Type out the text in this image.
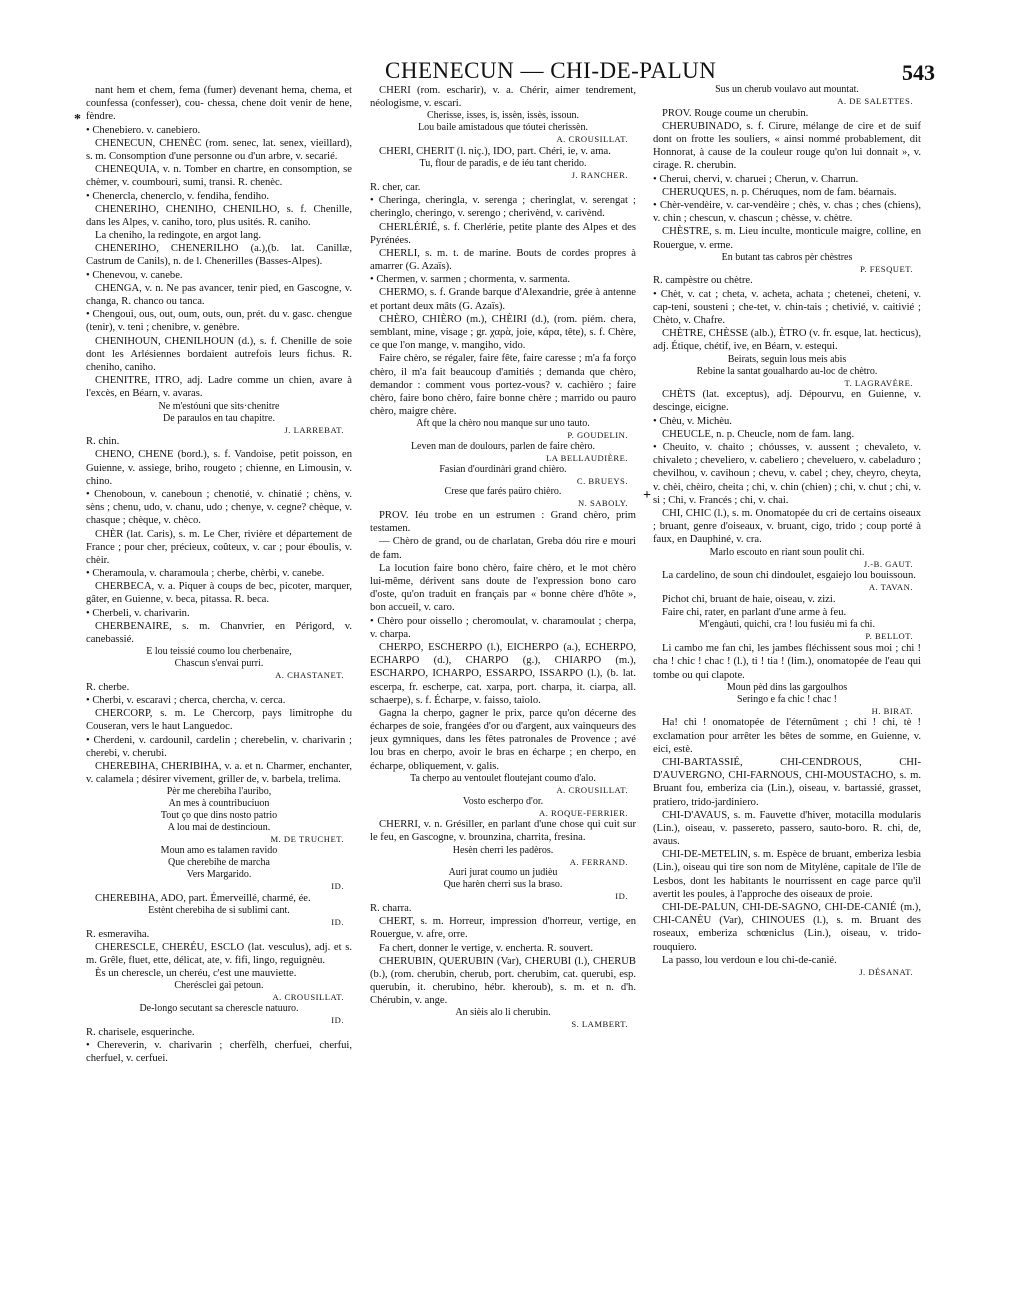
CHENECUN — CHI-DE-PALUN	543
*
+

nant hem et chem, fema (fumer) devenant hema, chema, et counfessa (confesser), cou- chessa, chene doit venir de hene, fèndre.

• Chenebiero. v. canebiero.

CHENECUN, CHENÈC (rom. senec, lat. senex, vieillard), s. m. Consomption d'une personne ou d'un arbre, v. secarié.

CHENEQUIA, v. n. Tomber en chartre, en consomption, se chèmer, v. coumbouri, sumi, transi. R. chenèc.

• Chenercla, chenerclo, v. fendiha, fendiho.

CHENERIHO, CHENIHO, CHENILHO, s. f. Chenille, dans les Alpes, v. caniho, toro, plus usités. R. caniho.

La cheniho, la redingote, en argot lang.

CHENERIHO, CHENERILHO (a.),(b. lat. Canillæ, Castrum de Canils), n. de l. Chenerilles (Basses-Alpes).

• Chenevou, v. canebe.

CHENGA, v. n. Ne pas avancer, tenir pied, en Gascogne, v. changa, R. chanco ou tanca.

• Chengoui, ous, out, oum, outs, oun, prét. du v. gasc. chengue (tenir), v. teni ; chenibre, v. genèbre.

CHENIHOUN, CHENILHOUN (d.), s. f. Chenille de soie dont les Arlésiennes bordaient autrefois leurs fichus. R. cheniho, caniho.

CHENITRE, ITRO, adj. Ladre comme un chien, avare à l'excès, en Béarn, v. avaras.

Ne m'estóuni que sits·chenitre

De paraulos en tau chapitre.

J. LARREBAT.

R. chin.

CHENO, CHENE (bord.), s. f. Vandoise, petit poisson, en Guienne, v. assiege, briho, rougeto ; chienne, en Limousin, v. chino.

• Chenoboun, v. caneboun ; chenotié, v. chinatié ; chèns, v. sèns ; chenu, udo, v. chanu, udo ; chenye, v. cegne? chèque, v. chasque ; chèque, v. chèco.

CHÈR (lat. Caris), s. m. Le Cher, rivière et département de France ; pour cher, précieux, coûteux, v. car ; pour éboulis, v. chèir.

• Cheramoula, v. charamoula ; cherbe, chèrbi, v. canebe.

CHERBECA, v. a. Piquer à coups de bec, picoter, marquer, gâter, en Guienne, v. beca, pitassa. R. beca.

• Cherbeli, v. charivarin.

CHERBENAIRE, s. m. Chanvrier, en Périgord, v. canebassié.

E lou teissié coumo lou cherbenaire,

Chascun s'envai purri.

A. CHASTANET.

R. cherbe.

• Cherbi, v. escaravi ; cherca, chercha, v. cerca.

CHERCORP, s. m. Le Chercorp, pays limitrophe du Couseran, vers le haut Languedoc.

• Cherdeni, v. cardounil, cardelin ; cherebelin, v. charivarin ; cherebi, v. cherubi.

CHEREBIHA, CHERIBIHA, v. a. et n. Charmer, enchanter, v. calamela ; désirer vivement, griller de, v. barbela, trelima.

Pèr me cherebiha l'auribo,

An mes à countribuciuon

Tout ço que dins nosto patrio

A lou mai de destincioun.

M. DE TRUCHET.

Moun amo es talamen ravido

Que cherebihe de marcha

Vers Margarido.

ID.

CHEREBIHA, ADO, part. Émerveillé, charmé, ée.

Estènt cherebiha de si sublimi cant.

ID.

R. esmeraviha.

CHERESCLE, CHERÉU, ESCLO (lat. vesculus), adj. et s. m. Grêle, fluet, ette, délicat, ate, v. fifi, lingo, reguignèu.

Ès un cherescle, un cheréu, c'est une mauviette.

Cherésclei gai petoun.

A. CROUSILLAT.

De-longo secutant sa cherescle natuuro.

ID.

R. charisele, esquerinche.

• Chereverin, v. charivarin ; cherfèlh, cherfuei, cherfui, cherfuel, v. cerfuei.

CHERI (rom. escharir), v. a. Chérir, aimer tendrement, néologisme, v. escari.

Cherisse, isses, is, issèn, issès, issoun.

Lou baile amistadous que tóutei cherissèn.

A. CROUSILLAT.

CHERI, CHERIT (l. niç.), IDO, part. Chéri, ie, v. ama.

Tu, flour de paradis, e de iéu tant cherido.

J. RANCHER.

R. cher, car.

• Cheringa, cheringla, v. serenga ; cheringlat, v. serengat ; cheringlo, cheringo, v. serengo ; cherivènd, v. carivènd.

CHERLÉRIÉ, s. f. Cherlérie, petite plante des Alpes et des Pyrénées.

CHERLI, s. m. t. de marine. Bouts de cordes propres à amarrer (G. Azaïs).

• Chermen, v. sarmen ; chormenta, v. sarmenta.

CHERMO, s. f. Grande barque d'Alexandrie, grée à antenne et portant deux mâts (G. Azaïs).

CHÈRO, CHIÈRO (m.), CHÈIRI (d.), (rom. piém. chera, semblant, mine, visage ; gr. χαρὰ, joie, κάρα, tête), s. f. Chère, ce que l'on mange, v. mangiho, vido.

Faire chèro, se régaler, faire fête, faire caresse ; m'a fa forço chèro, il m'a fait beaucoup d'amitiés ; demanda que chèro, demandor : comment vous portez-vous? v. cachièro ; faire chèro, faire bono chèro, faire bonne chère ; marrido ou pauro chèro, maigre chère.

Aft que la chèro nou manque sur uno tauto.

P. GOUDELIN.

Leven man de doulours, parlen de faire chèro.

LA BELLAUDIÈRE.

Fasian d'ourdinàri grand chièro.

C. BRUEYS.

Crese que farés paüro chièro.

N. SABOLY.

PROV. Iéu trobe en un estrumen : Grand chèro, prim testamen.

— Chèro de grand, ou de charlatan, Greba dóu rire e mouri de fam.

La locution faire bono chèro, faire chèro, et le mot chèro lui-même, dérivent sans doute de l'expression bono caro d'oste, qu'on traduit en français par « bonne chère d'hôte », bon accueil, v. caro.

• Chèro pour oissello ; cheromoulat, v. charamoulat ; cherpa, v. charpa.

CHERPO, ESCHERPO (l.), EICHERPO (a.), ECHERPO, ECHARPO (d.), CHARPO (g.), CHIARPO (m.), ESCHARPO, ICHARPO, ESSARPO, ISSARPO (l.), (b. lat. escerpa, fr. escherpe, cat. xarpa, port. charpa, it. ciarpa, all. schaerpe), s. f. Écharpe, v. faisso, taiolo.

Gagna la cherpo, gagner le prix, parce qu'on décerne des écharpes de soie, frangées d'or ou d'argent, aux vainqueurs des jeux gymniques, dans les fêtes patronales de Provence ; avé lou bras en cherpo, avoir le bras en écharpe ; en cherpo, en écharpe, obliquement, v. galis.

Ta cherpo au ventoulet floutejant coumo d'alo.

A. CROUSILLAT.

Vosto escherpo d'or.

A. ROQUE-FERRIER.

CHERRI, v. n. Grésiller, en parlant d'une chose qui cuit sur le feu, en Gascogne, v. brounzina, charrita, fresina.

Hesèn cherri les padèros.

A. FERRAND.

Auri jurat coumo un judièu

Que harèn cherri sus la braso.

ID.

R. charra.

CHERT, s. m. Horreur, impression d'horreur, vertige, en Rouergue, v. afre, orre.

Fa chert, donner le vertige, v. encherta. R. souvert.

CHERUBIN, QUERUBIN (Var), CHERUBI (l.), CHERUB (b.), (rom. cherubin, cherub, port. cherubim, cat. querubi, esp. querubin, it. cherubino, hébr. kheroub), s. m. et n. d'h. Chérubin, v. ange.

An sièis alo li cherubin.

S. LAMBERT.

Sus un cherub voulavo aut mountat.

A. DE SALETTES.

PROV. Rouge coume un cherubin.

CHERUBINADO, s. f. Cirure, mélange de cire et de suif dont on frotte les souliers, « ainsi nommé probablement, dit Honnorat, à cause de la couleur rouge qu'on lui donnait », v. cirage. R. cherubin.

• Cherui, chervi, v. charuei ; Cherun, v. Charrun.

CHERUQUES, n. p. Chéruques, nom de fam. béarnais.

• Chèr-vendèire, v. car-vendèire ; chès, v. chas ; ches (chiens), v. chin ; chescun, v. chascun ; chèsse, v. chètre.

CHÈSTRE, s. m. Lieu inculte, monticule maigre, colline, en Rouergue, v. erme.

En butant tas cabros pèr chèstres

P. FESQUET.

R. campèstre ou chètre.

• Chèt, v. cat ; cheta, v. acheta, achata ; chetenei, cheteni, v. cap-teni, sousteni ; che-tet, v. chin-tais ; chetivié, v. caitivié ; Chèto, v. Chafre.

CHÈTRE, CHÈSSE (alb.), ÈTRO (v. fr. esque, lat. hecticus), adj. Étique, chétif, ive, en Béarn, v. estequi.

Beirats, seguin lous meis abis

Rebine la santat goualhardo au-loc de chètro.

T. LAGRAVÈRE.

CHÈTS (lat. exceptus), adj. Dépourvu, en Guienne, v. descinge, eicigne.

• Chèu, v. Michèu.

CHEUCLE, n. p. Cheucle, nom de fam. lang.

• Cheuito, v. chaito ; chóusses, v. aussent ; chevaleto, v. chivaleto ; cheveliero, v. cabeliero ; cheveluero, v. cabeladuro ; chevilhou, v. cavihoun ; chevu, v. cabel ; chey, cheyro, cheyta, v. chèi, chèiro, cheita ; chi, v. chin (chien) ; chi, v. chut ; chi, v. si ; Chi, v. Francés ; chi, v. chai.

CHI, CHIC (l.), s. m. Onomatopée du cri de certains oiseaux ; bruant, genre d'oiseaux, v. bruant, cigo, trido ; coup porté à faux, en Dauphiné, v. cra.

Marlo escouto en riant soun poulit chi.

J.-B. GAUT.

La cardelino, de soun chi dindoulet, esgaiejo lou bouissoun.

A. TAVAN.

Pichot chi, bruant de haie, oiseau, v. zizi.

Faire chi, rater, en parlant d'une arme à feu.

M'engàuti, quichi, cra ! lou fusiéu mi fa chi.

P. BELLOT.

Li cambo me fan chi, les jambes fléchissent sous moi ; chi ! cha ! chic ! chac ! (l.), ti ! tia ! (lim.), onomatopée de l'eau qui tombe ou qui clapote.

Moun pèd dins las gargoulhos

Seringo e fa chic ! chac !

H. BIRAT.

Ha! chi ! onomatopée de l'éternûment ; chi ! chi, tè ! exclamation pour arrêter les bêtes de somme, en Guienne, v. eici, estè.

CHI-BARTASSIÉ, CHI-CENDROUS, CHI-D'AUVERGNO, CHI-FARNOUS, CHI-MOUSTACHO, s. m. Bruant fou, emberiza cia (Lin.), oiseau, v. bartassié, grasset, pratiero, trido-jardiniero.

CHI-D'AVAUS, s. m. Fauvette d'hiver, motacilla modularis (Lin.), oiseau, v. passereto, passero, sauto-boro. R. chi, de, avaus.

CHI-DE-METELIN, s. m. Espèce de bruant, emberiza lesbia (Lin.), oiseau qui tire son nom de Mitylène, capitale de l'île de Lesbos, dont les habitants le nourrissent en cage parce qu'il avertit les poules, à l'approche des oiseaux de proie.

CHI-DE-PALUN, CHI-DE-SAGNO, CHI-DE-CANIÉ (m.), CHI-CANÈU (Var), CHINOUES (l.), s. m. Bruant des roseaux, emberiza schœniclus (Lin.), oiseau, v. trido-rouquiero.

La passo, lou verdoun e lou chi-de-canié.

J. DÉSANAT.
